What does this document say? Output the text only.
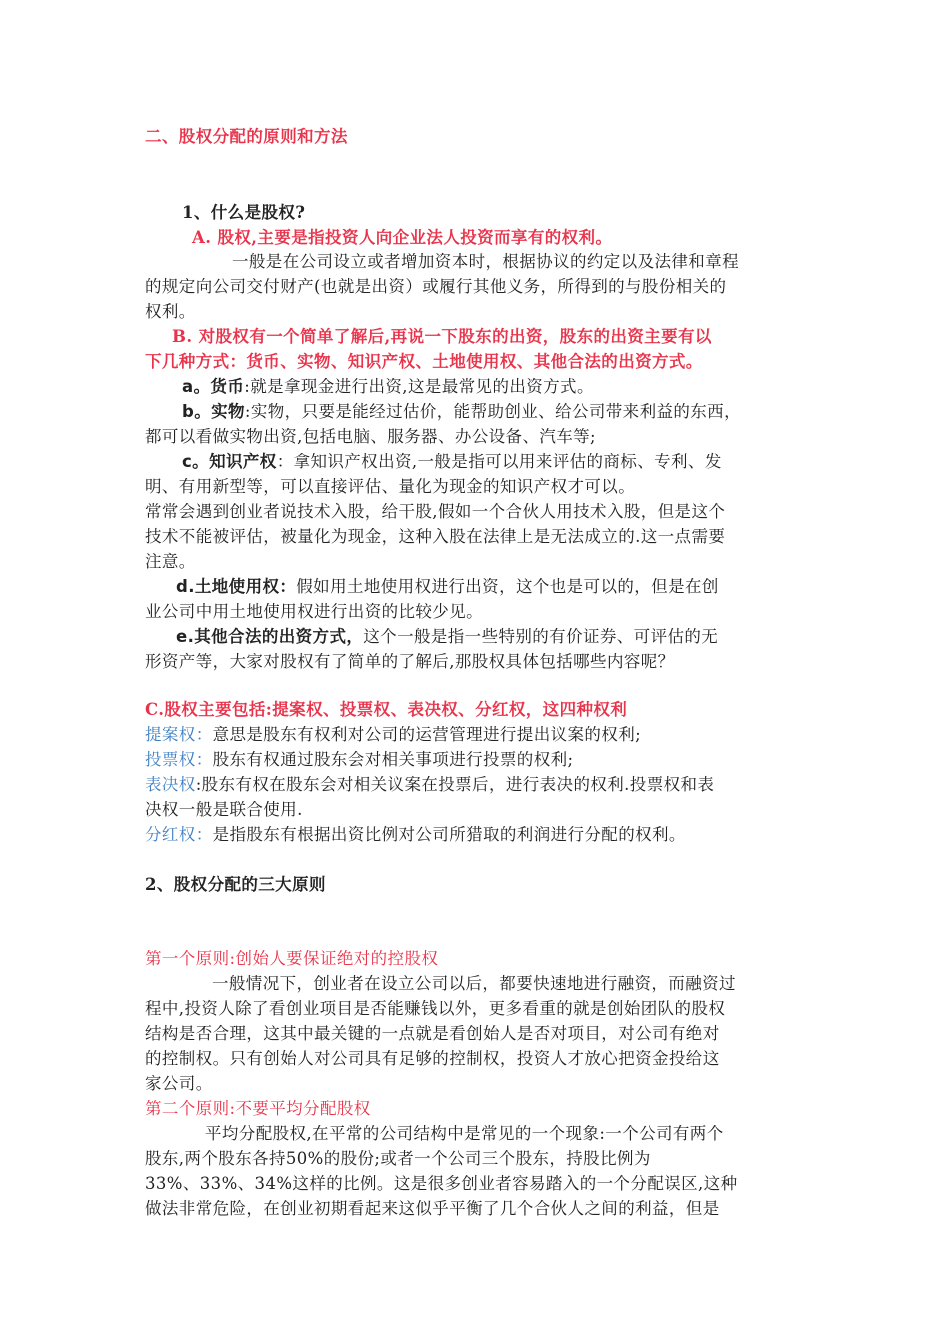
二、股权分配的原则和方法
1、什么是股权?
A. 股权,主要是指投资人向企业法人投资而享有的权利。
一般是在公司设立或者增加资本时，根据协议的约定以及法律和章程
的规定向公司交付财产(也就是出资）或履行其他义务，所得到的与股份相关的
权利。
B. 对股权有一个简单了解后,再说一下股东的出资，股东的出资主要有以
下几种方式：货币、实物、知识产权、土地使用权、其他合法的出资方式。
a。货币:就是拿现金进行出资,这是最常见的出资方式。
b。实物:实物，只要是能经过估价，能帮助创业、给公司带来利益的东西，
都可以看做实物出资,包括电脑、服务器、办公设备、汽车等;
c。知识产权：拿知识产权出资,一般是指可以用来评估的商标、专利、发
明、有用新型等，可以直接评估、量化为现金的知识产权才可以。
常常会遇到创业者说技术入股，给干股,假如一个合伙人用技术入股，但是这个
技术不能被评估，被量化为现金，这种入股在法律上是无法成立的.这一点需要
注意。
d.土地使用权：假如用土地使用权进行出资，这个也是可以的，但是在创
业公司中用土地使用权进行出资的比较少见。
e.其他合法的出资方式，这个一般是指一些特别的有价证券、可评估的无
形资产等，大家对股权有了简单的了解后,那股权具体包括哪些内容呢？
C.股权主要包括:提案权、投票权、表决权、分红权，这四种权利
提案权：意思是股东有权利对公司的运营管理进行提出议案的权利;
投票权：股东有权通过股东会对相关事项进行投票的权利;
表决权:股东有权在股东会对相关议案在投票后，进行表决的权利.投票权和表
决权一般是联合使用.
分红权：是指股东有根据出资比例对公司所猎取的利润进行分配的权利。
2、股权分配的三大原则
第一个原则:创始人要保证绝对的控股权
一般情况下，创业者在设立公司以后，都要快速地进行融资，而融资过
程中,投资人除了看创业项目是否能赚钱以外，更多看重的就是创始团队的股权
结构是否合理，这其中最关键的一点就是看创始人是否对项目，对公司有绝对
的控制权。只有创始人对公司具有足够的控制权，投资人才放心把资金投给这
家公司。
第二个原则:不要平均分配股权
平均分配股权,在平常的公司结构中是常见的一个现象:一个公司有两个
股东,两个股东各持50%的股份;或者一个公司三个股东，持股比例为
33%、33%、34%这样的比例。这是很多创业者容易踏入的一个分配误区,这种
做法非常危险，在创业初期看起来这似乎平衡了几个合伙人之间的利益，但是
